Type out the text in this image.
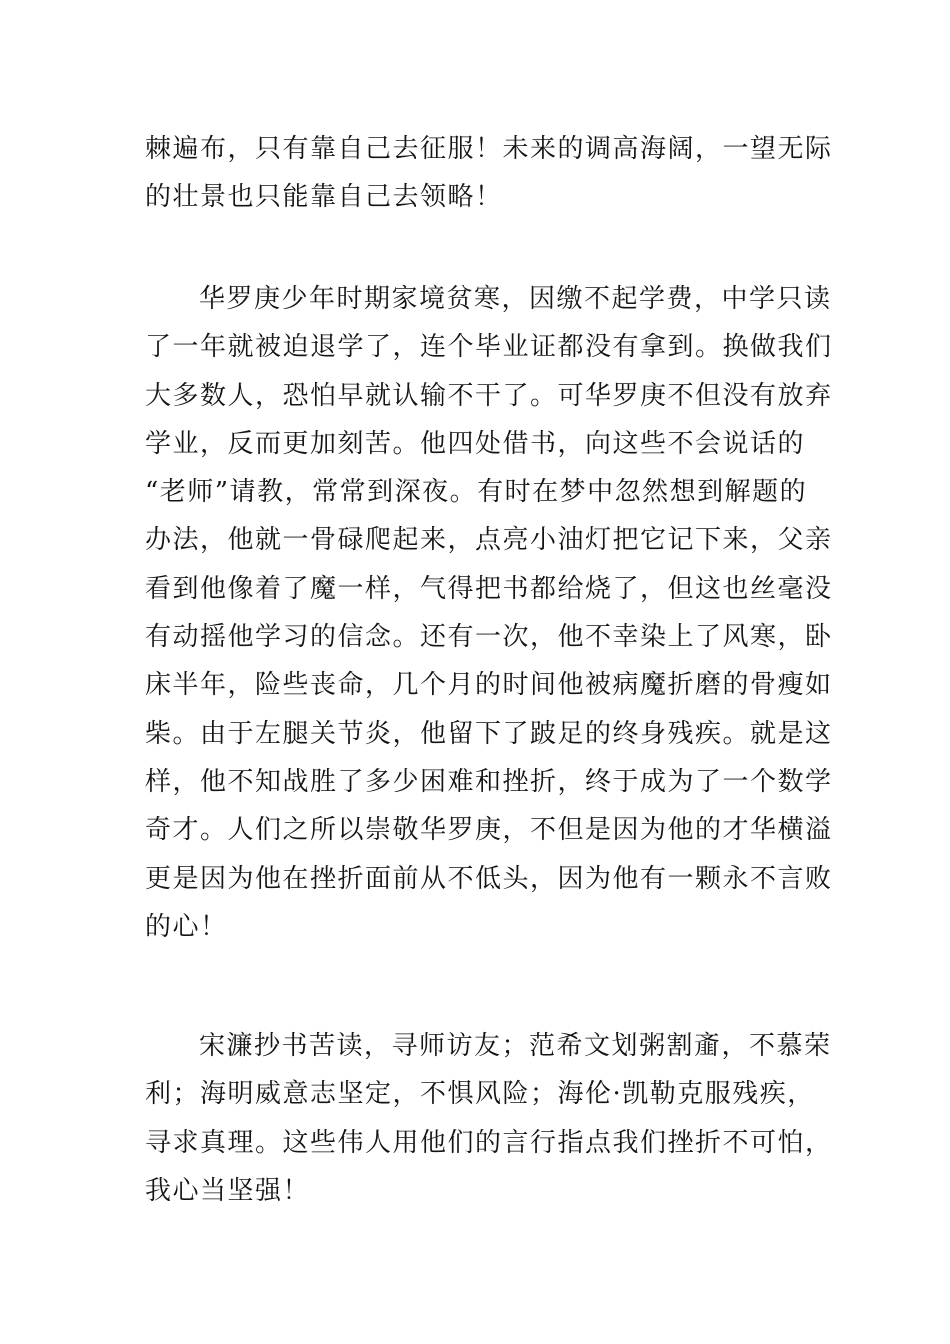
棘遍布，只有靠自己去征服！未来的调高海阔，一望无际
的壮景也只能靠自己去领略！

华罗庚少年时期家境贫寒，因缴不起学费，中学只读
了一年就被迫退学了，连个毕业证都没有拿到。换做我们
大多数人，恐怕早就认输不干了。可华罗庚不但没有放弃
学业，反而更加刻苦。他四处借书，向这些不会说话的
“老师”请教，常常到深夜。有时在梦中忽然想到解题的
办法，他就一骨碌爬起来，点亮小油灯把它记下来，父亲
看到他像着了魔一样，气得把书都给烧了，但这也丝毫没
有动摇他学习的信念。还有一次，他不幸染上了风寒，卧
床半年，险些丧命，几个月的时间他被病魔折磨的骨瘦如
柴。由于左腿关节炎，他留下了跛足的终身残疾。就是这
样，他不知战胜了多少困难和挫折，终于成为了一个数学
奇才。人们之所以崇敬华罗庚，不但是因为他的才华横溢
更是因为他在挫折面前从不低头，因为他有一颗永不言败
的心！

宋濂抄书苦读，寻师访友；范希文划粥割齑，不慕荣
利；海明威意志坚定，不惧风险；海伦·凯勒克服残疾，
寻求真理。这些伟人用他们的言行指点我们挫折不可怕，
我心当坚强！
